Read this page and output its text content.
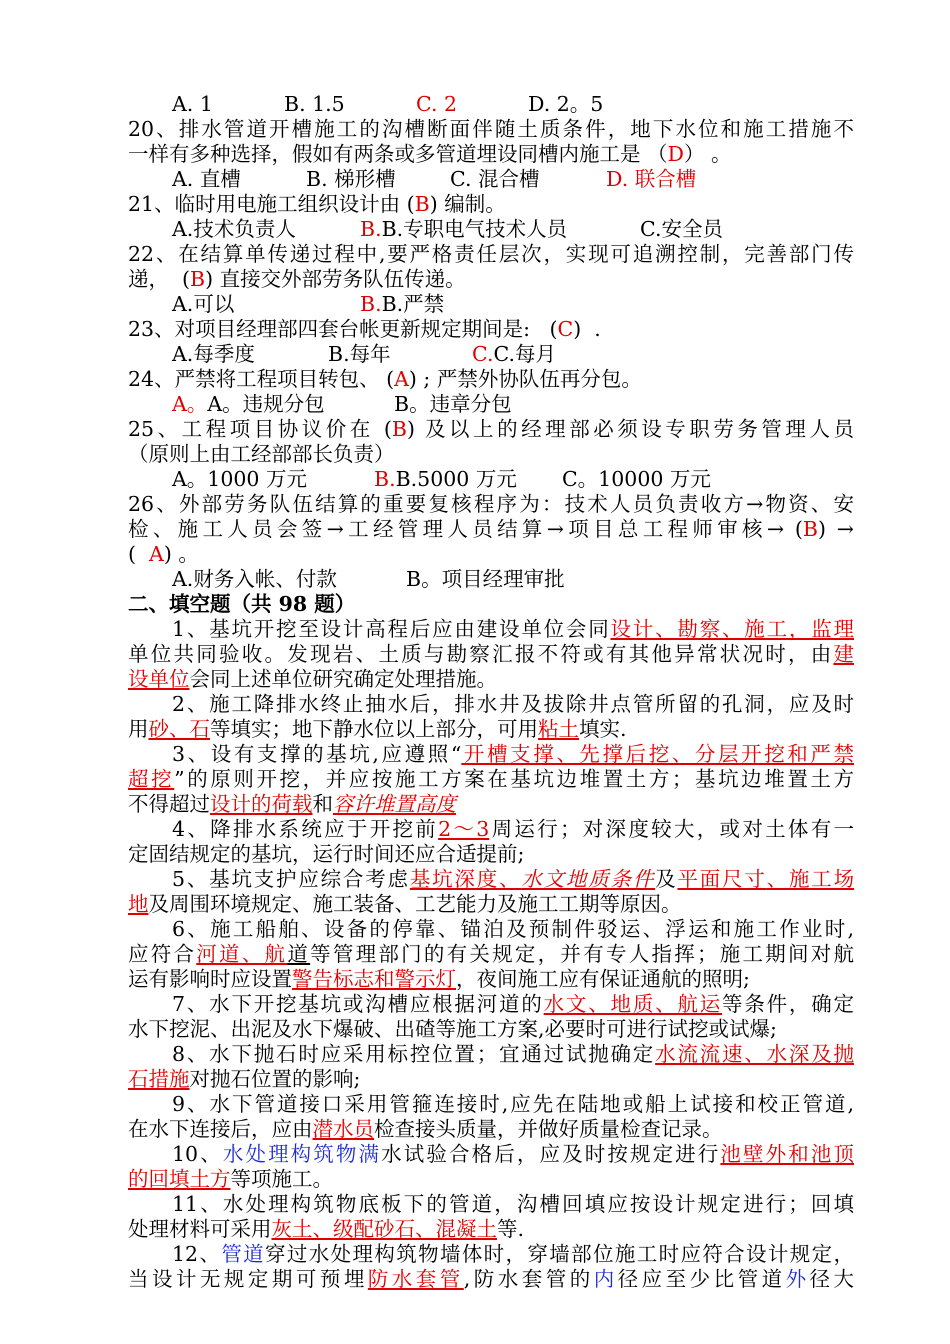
A. 1	B. 1.5	C. 2	D. 2。5
20、排水管道开槽施工的沟槽断面伴随土质条件，地下水位和施工措施不
一样有多种选择，假如有两条或多管道埋设同槽内施工是 （D） 。
A. 直槽	B. 梯形槽	C. 混合槽	D. 联合槽
21、临时用电施工组织设计由 (B) 编制。
A.技术负责人	B.B.专职电气技术人员	C.安全员
22、在结算单传递过程中,要严格责任层次，实现可追溯控制，完善部门传
递，  (B) 直接交外部劳务队伍传递。
A.可以	B.B.严禁
23、对项目经理部四套台帐更新规定期间是:   (C)  .
A.每季度	B.每年	C.C.每月
24、严禁将工程项目转包、 (A) ; 严禁外协队伍再分包。
A。A。违规分包	B。违章分包
25、工程项目协议价在 (B) 及以上的经理部必须设专职劳务管理人员
（原则上由工经部部长负责）
A。1000 万元	B.B.5000 万元 C。10000 万元
26、外部劳务队伍结算的重要复核程序为：技术人员负责收方→物资、安
检、施工人员会签→工经管理人员结算→项目总工程师审核→ (B) →
(  A) 。
A.财务入帐、付款	B。项目经理审批
二、填空题（共 98 题）
1、基坑开挖至设计高程后应由建设单位会同设计、勘察、施工，监理
单位共同验收。发现岩、土质与勘察汇报不符或有其他异常状况时，由建
设单位会同上述单位研究确定处理措施。
2、施工降排水终止抽水后，排水井及拔除井点管所留的孔洞，应及时
用砂、石等填实；地下静水位以上部分，可用粘土填实.
3、设有支撑的基坑,应遵照“开槽支撑、先撑后挖、分层开挖和严禁
超挖”的原则开挖，并应按施工方案在基坑边堆置土方；基坑边堆置土方
不得超过设计的荷载和容许堆置高度
4、降排水系统应于开挖前2～3周运行；对深度较大，或对土体有一
定固结规定的基坑，运行时间还应合适提前;
5、基坑支护应综合考虑基坑深度、水文地质条件及平面尺寸、施工场
地及周围环境规定、施工装备、工艺能力及施工工期等原因。
6、施工船舶、设备的停靠、锚泊及预制件驳运、浮运和施工作业时,
应符合河道、航道等管理部门的有关规定，并有专人指挥；施工期间对航
运有影响时应设置警告标志和警示灯，夜间施工应有保证通航的照明;
7、水下开挖基坑或沟槽应根据河道的水文、地质、航运等条件，确定
水下挖泥、出泥及水下爆破、出碴等施工方案,必要时可进行试挖或试爆;
8、水下抛石时应采用标控位置；宜通过试抛确定水流流速、水深及抛
石措施对抛石位置的影响;
9、水下管道接口采用管箍连接时,应先在陆地或船上试接和校正管道,
在水下连接后，应由潜水员检查接头质量，并做好质量检查记录。
10、水处理构筑物满水试验合格后，应及时按规定进行池壁外和池顶
的回填土方等项施工。
11、水处理构筑物底板下的管道，沟槽回填应按设计规定进行；回填
处理材料可采用灰土、级配砂石、混凝土等.
12、管道穿过水处理构筑物墙体时，穿墙部位施工时应符合设计规定，
当设计无规定期可预埋防水套管,防水套管的内径应至少比管道外径大
